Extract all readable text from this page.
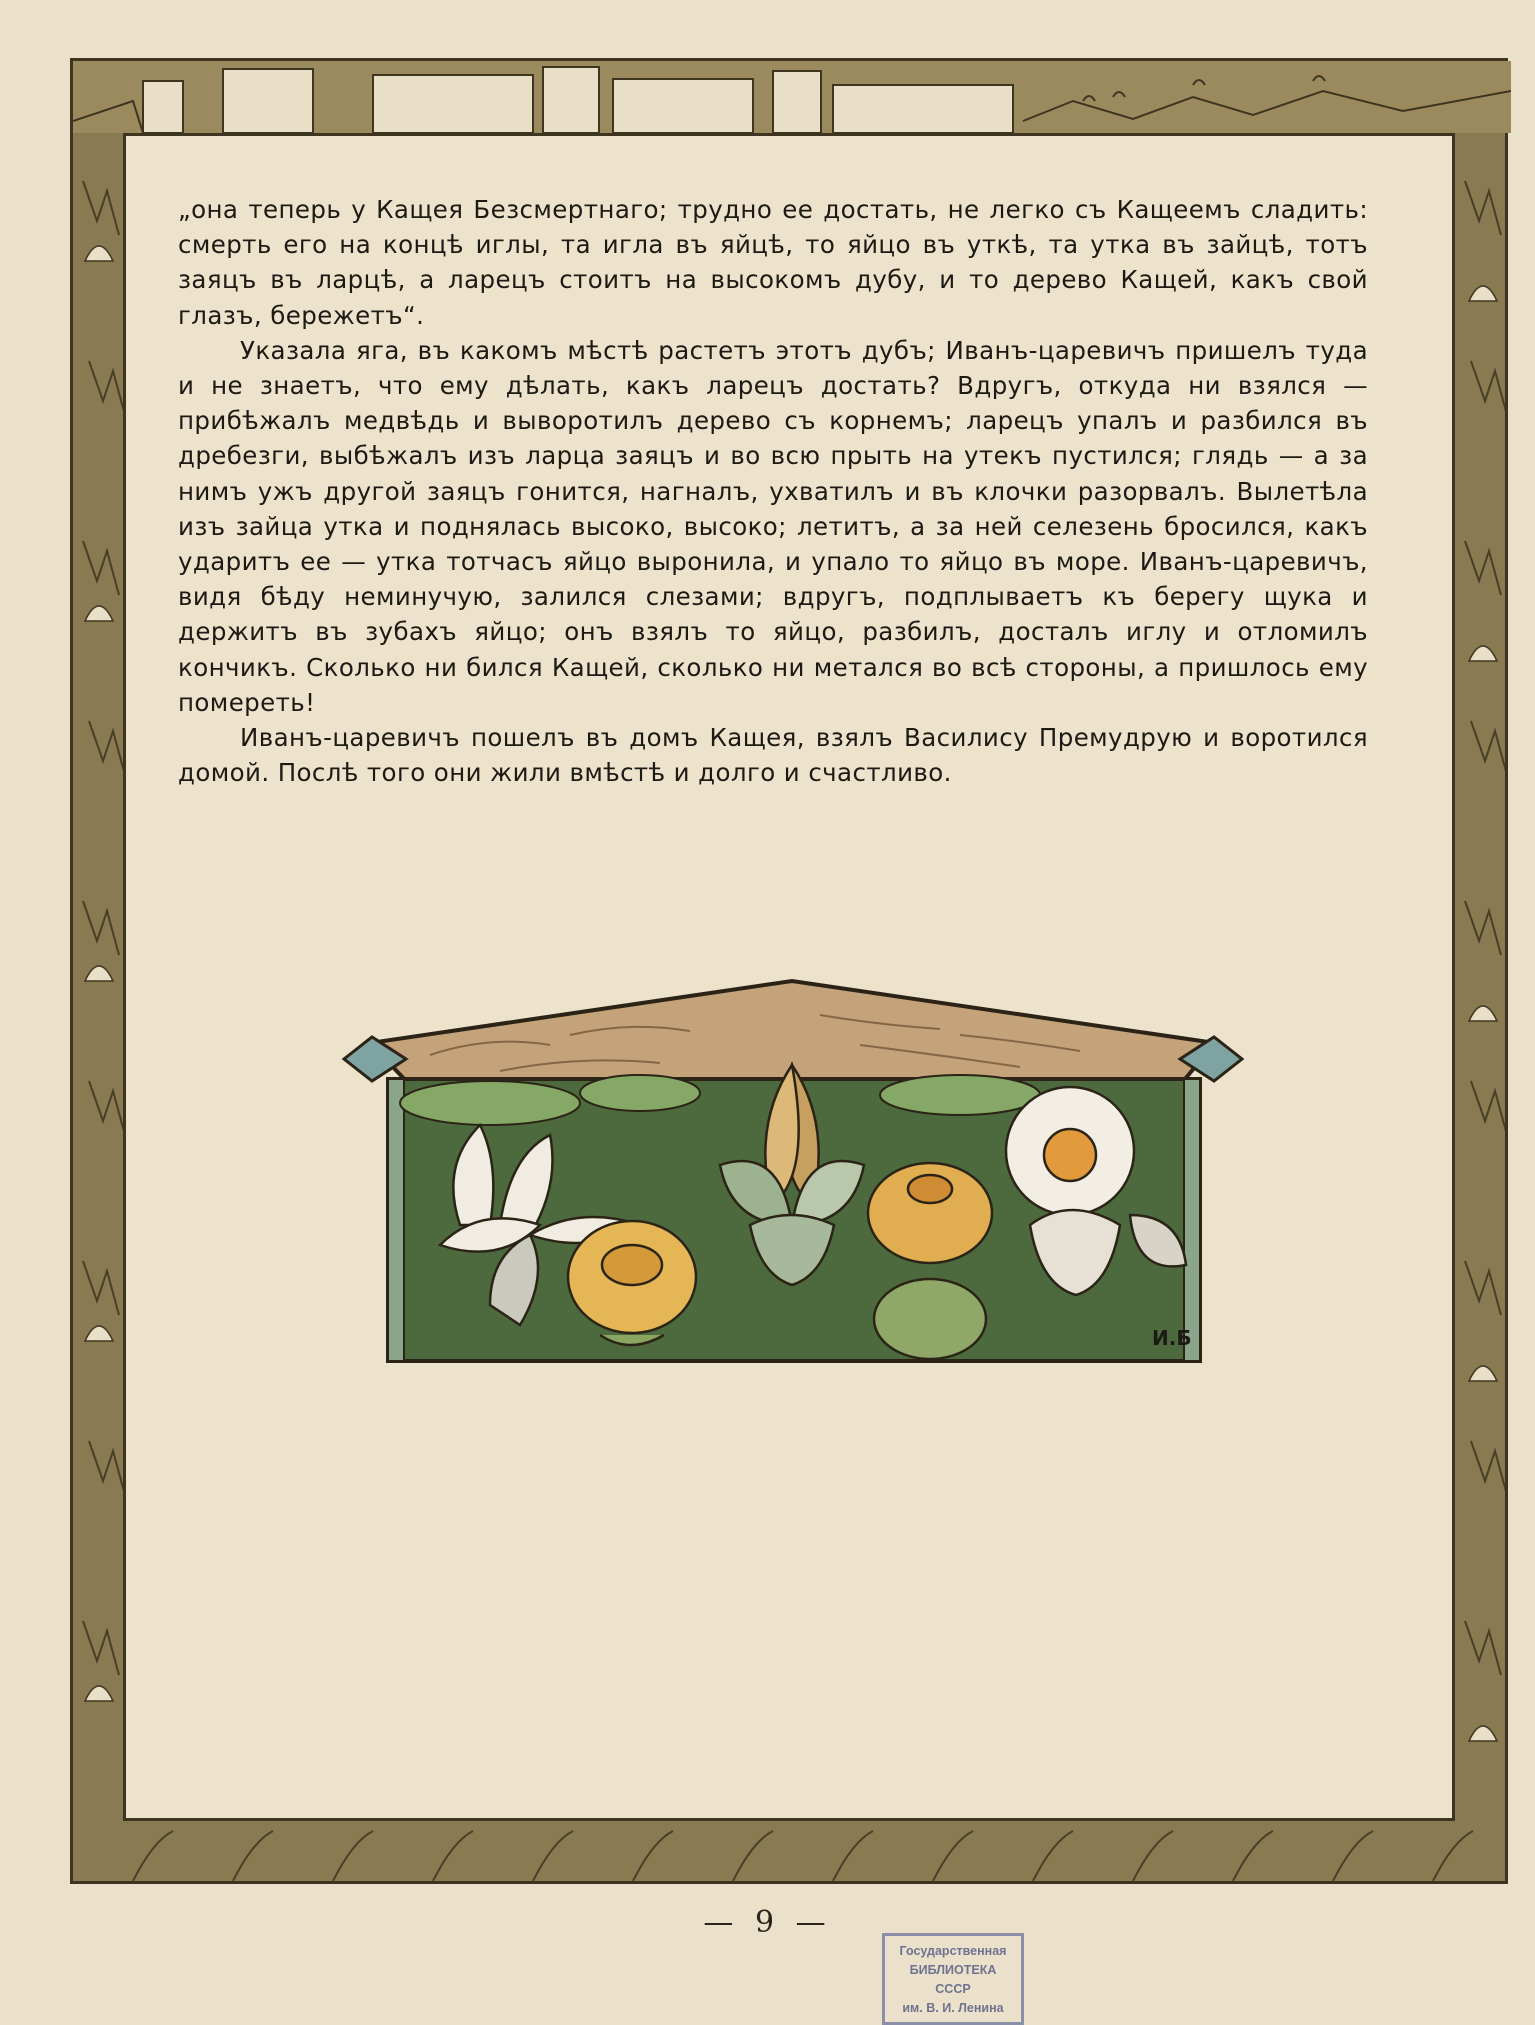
„она теперь у Кащея Безсмертнаго; трудно ее достать, не легко съ Кащеемъ сладить: смерть его на концѣ иглы, та игла въ яйцѣ, то яйцо въ уткѣ, та утка въ зайцѣ, тотъ заяцъ въ ларцѣ, а ларецъ стоитъ на высокомъ дубу, и то дерево Кащей, какъ свой глазъ, бережетъ“.

Указала яга, въ какомъ мѣстѣ растетъ этотъ дубъ; Иванъ-царевичъ пришелъ туда и не знаетъ, что ему дѣлать, какъ ларецъ достать? Вдругъ, откуда ни взялся — прибѣжалъ медвѣдь и выворотилъ дерево съ корнемъ; ларецъ упалъ и разбился въ дребезги, выбѣжалъ изъ ларца заяцъ и во всю прыть на утекъ пустился; глядь — а за нимъ ужъ другой заяцъ гонится, нагналъ, ухватилъ и въ клочки разорвалъ. Вылетѣла изъ зайца утка и поднялась высоко, высоко; летитъ, а за ней селезень бросился, какъ ударитъ ее — утка тотчасъ яйцо выронила, и упало то яйцо въ море. Иванъ-царевичъ, видя бѣду неминучую, залился слезами; вдругъ, подплываетъ къ берегу щука и держитъ въ зубахъ яйцо; онъ взялъ то яйцо, разбилъ, досталъ иглу и отломилъ кончикъ. Сколько ни бился Кащей, сколько ни метался во всѣ стороны, а пришлось ему помереть!

Иванъ-царевичъ пошелъ въ домъ Кащея, взялъ Василису Премудрую и воротился домой. Послѣ того они жили вмѣстѣ и долго и счастливо.

И.Б
— 9 —
Государственная
БИБЛИОТЕКА
СССР
им. В. И. Ленина
